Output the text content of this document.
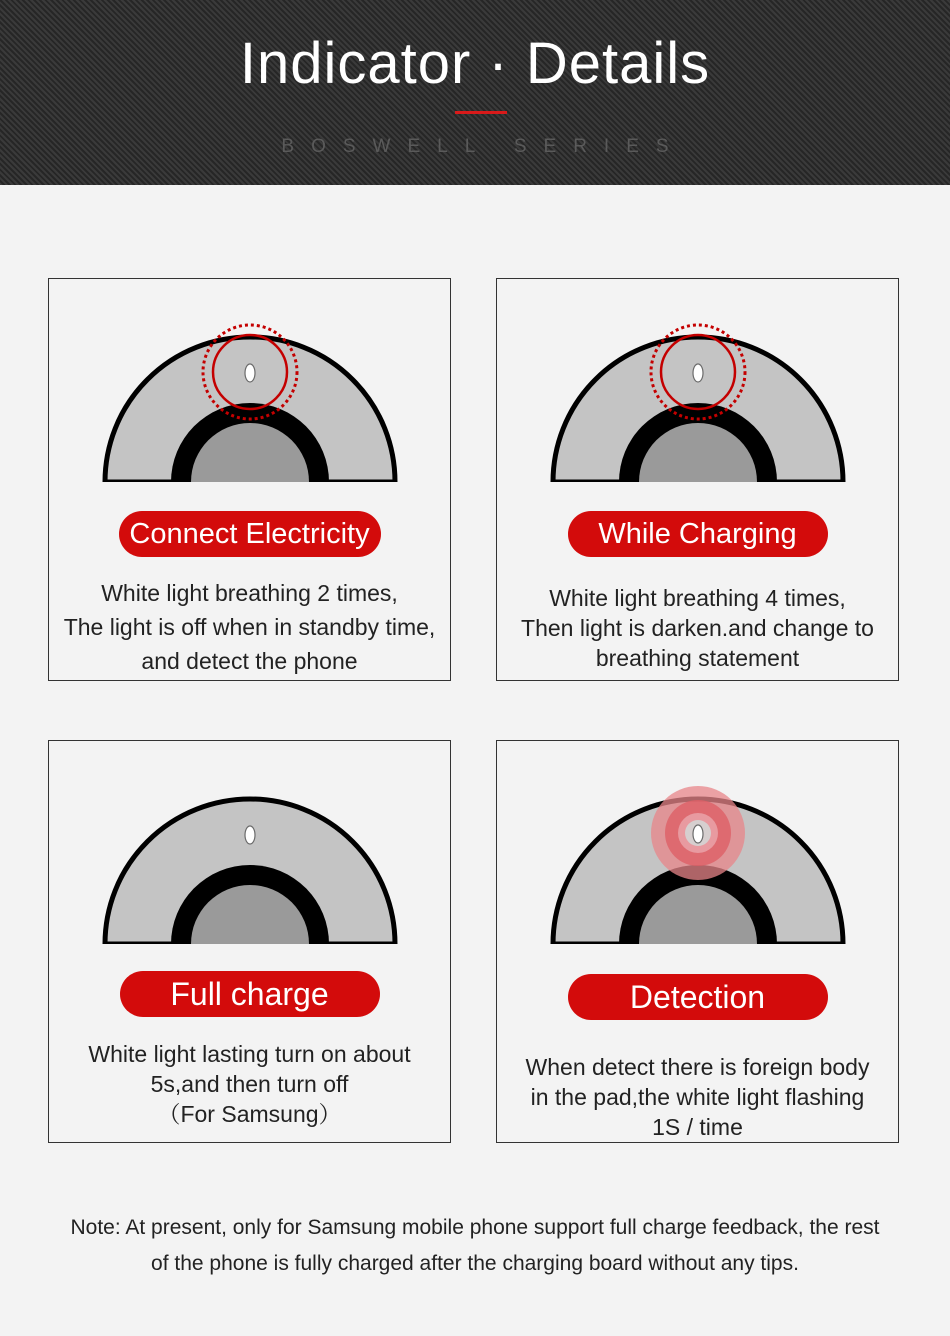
Indicator · Details
BOSWELL SERIES
Connect Electricity
White light breathing 2 times,
The light is off when in standby time,
and detect the phone
While Charging
White light breathing 4 times,
Then light is darken.and change to
breathing statement
Full charge
White light lasting turn on about
5s,and then turn off
（For Samsung）
Detection
When detect there is foreign body
in the pad,the white light flashing
1S / time
Note: At present, only for Samsung mobile phone support full charge feedback, the rest
of the phone is fully charged after the charging board without any tips.
